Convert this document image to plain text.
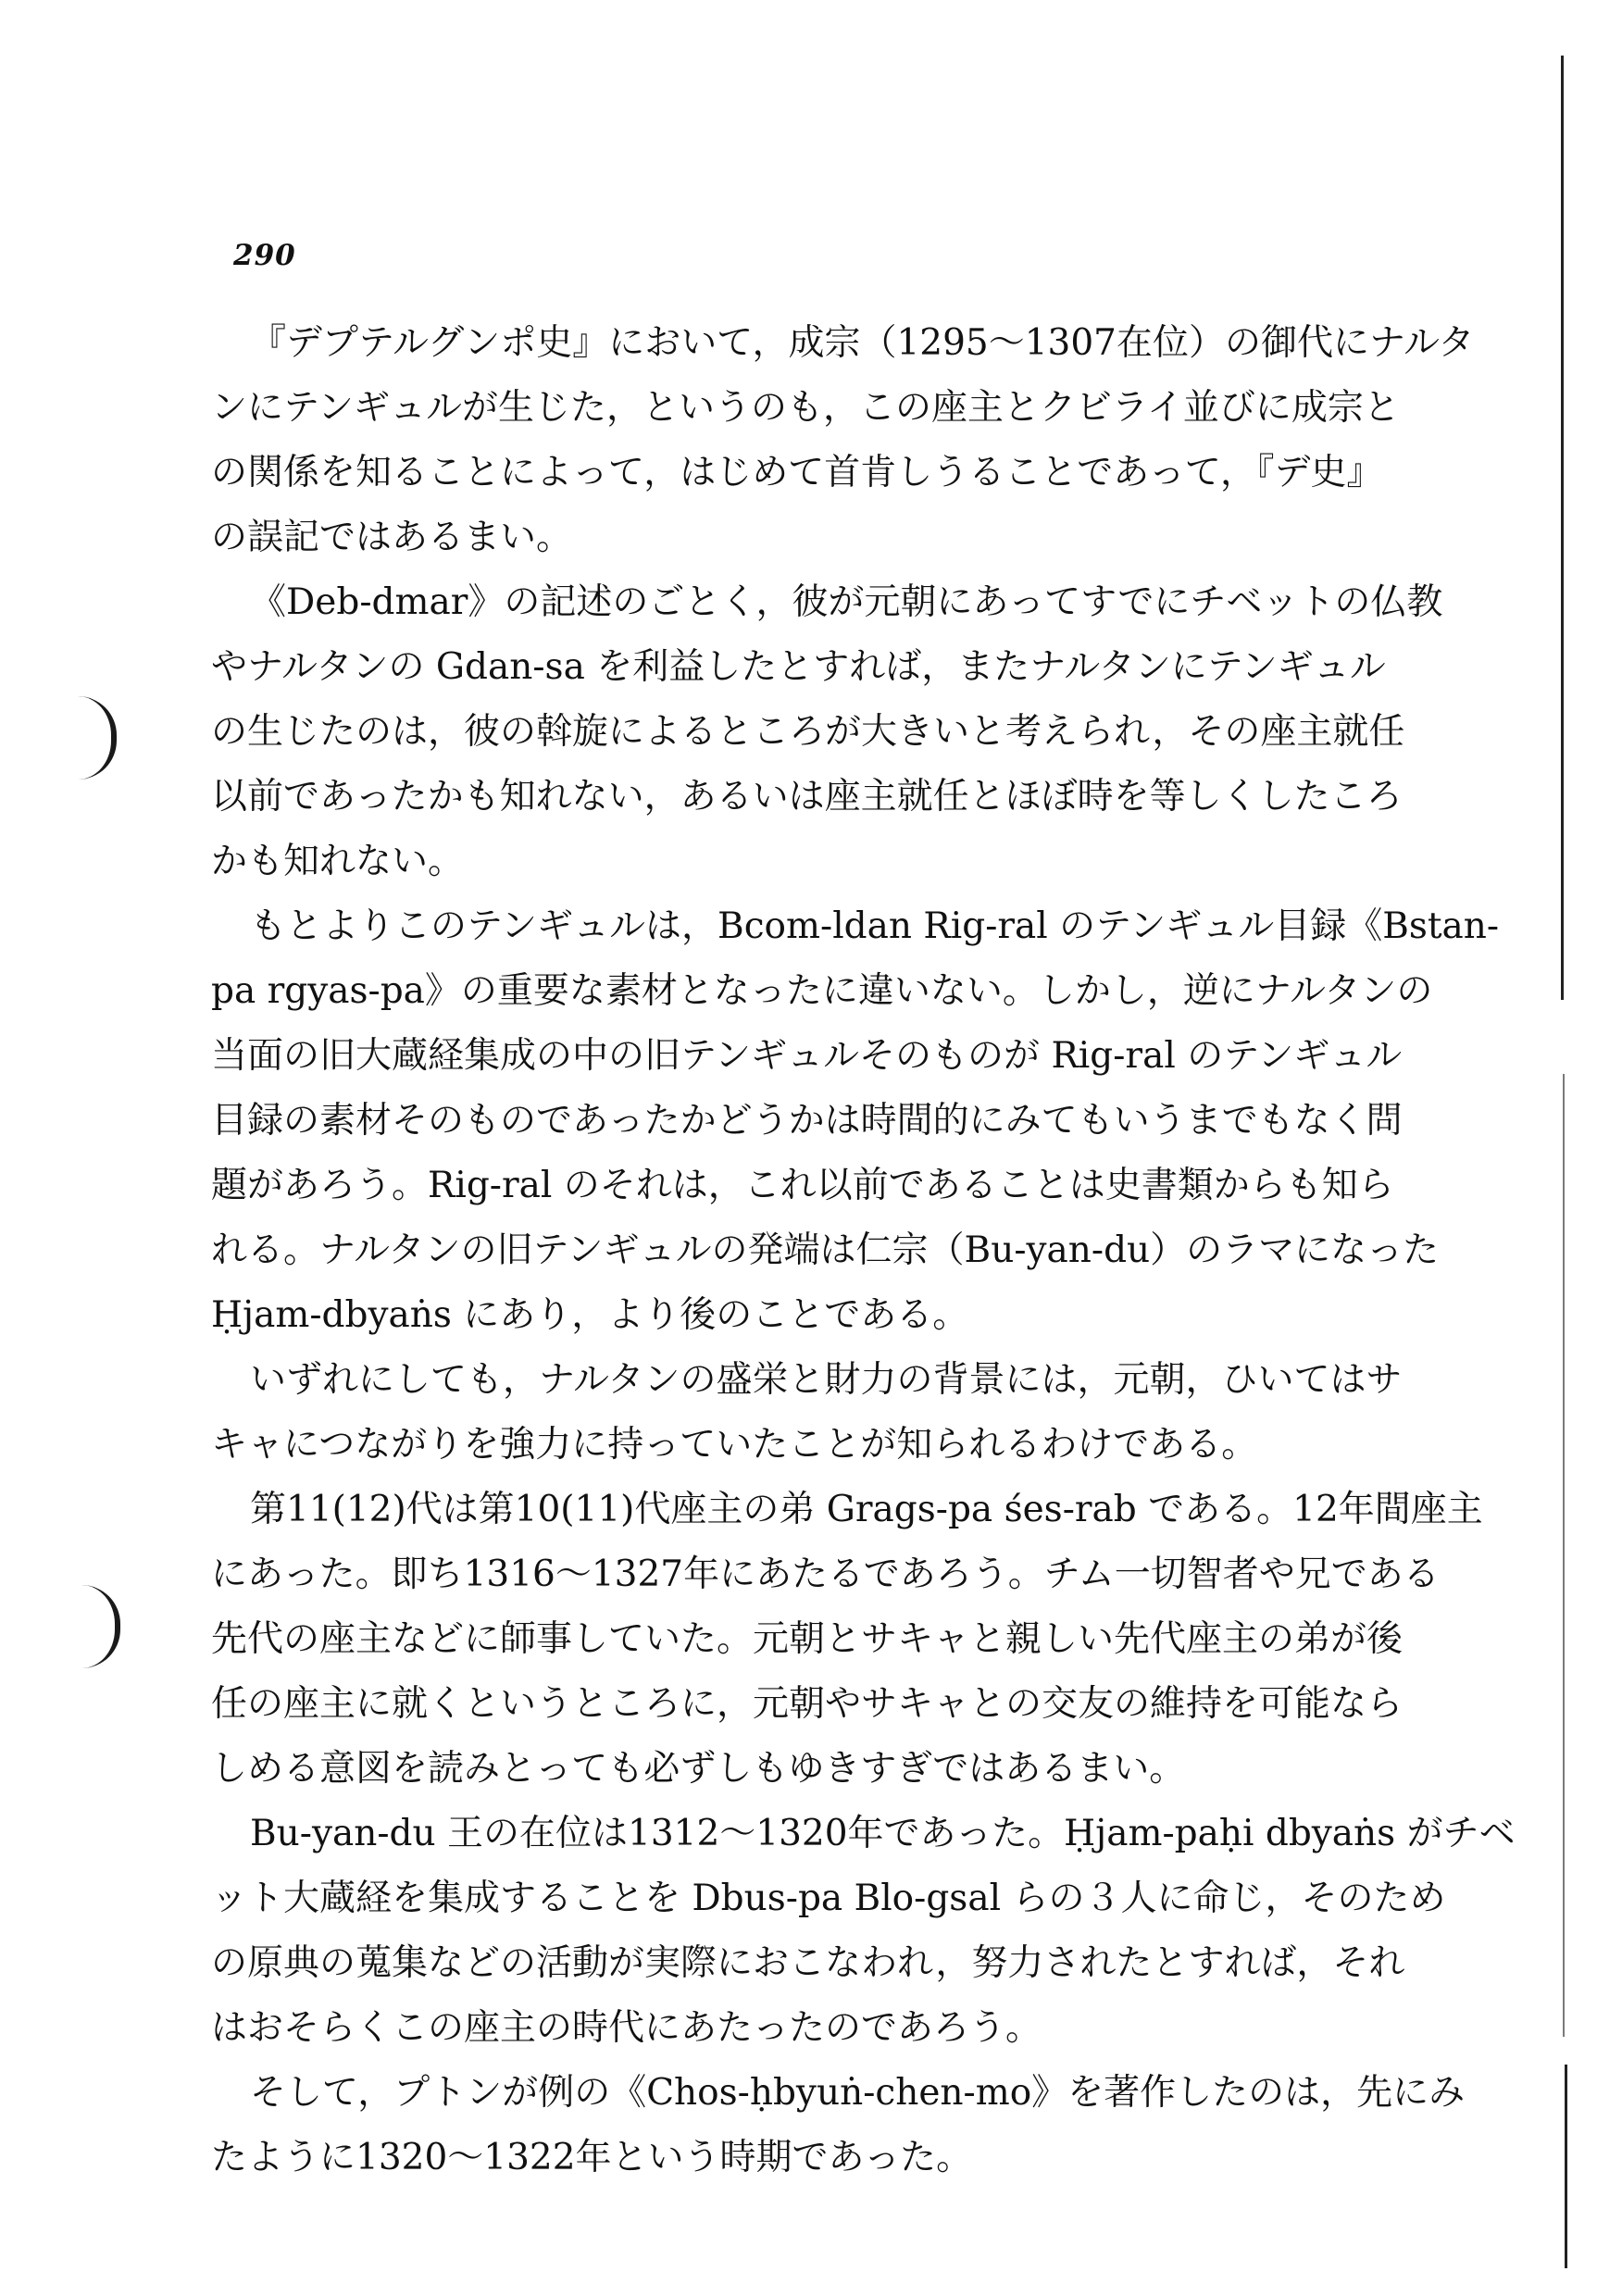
290
『デプテルグンポ史』において，成宗（1295～1307在位）の御代にナルタ
ンにテンギュルが生じた，というのも，この座主とクビライ並びに成宗と
の関係を知ることによって，はじめて首肯しうることであって，『デ史』
の誤記ではあるまい。
《Deb-dmar》の記述のごとく，彼が元朝にあってすでにチベットの仏教
やナルタンの Gdan-sa を利益したとすれば，またナルタンにテンギュル
の生じたのは，彼の斡旋によるところが大きいと考えられ，その座主就任
以前であったかも知れない，あるいは座主就任とほぼ時を等しくしたころ
かも知れない。
もとよりこのテンギュルは，Bcom-ldan Rig-ral のテンギュル目録《Bstan-
pa rgyas-pa》の重要な素材となったに違いない。しかし，逆にナルタンの
当面の旧大蔵経集成の中の旧テンギュルそのものが Rig-ral のテンギュル
目録の素材そのものであったかどうかは時間的にみてもいうまでもなく問
題があろう。Rig-ral のそれは，これ以前であることは史書類からも知ら
れる。ナルタンの旧テンギュルの発端は仁宗（Bu-yan-du）のラマになった
Ḥjam-dbyaṅs にあり，より後のことである。
いずれにしても，ナルタンの盛栄と財力の背景には，元朝，ひいてはサ
キャにつながりを強力に持っていたことが知られるわけである。
第11(12)代は第10(11)代座主の弟 Grags-pa śes-rab である。12年間座主
にあった。即ち1316～1327年にあたるであろう。チム一切智者や兄である
先代の座主などに師事していた。元朝とサキャと親しい先代座主の弟が後
任の座主に就くというところに，元朝やサキャとの交友の維持を可能なら
しめる意図を読みとっても必ずしもゆきすぎではあるまい。
Bu-yan-du 王の在位は1312～1320年であった。Ḥjam-paḥi dbyaṅs がチベ
ット大蔵経を集成することを Dbus-pa Blo-gsal らの３人に命じ，そのため
の原典の蒐集などの活動が実際におこなわれ，努力されたとすれば，それ
はおそらくこの座主の時代にあたったのであろう。
そして，プトンが例の《Chos-ḥbyuṅ-chen-mo》を著作したのは，先にみ
たように1320～1322年という時期であった。
